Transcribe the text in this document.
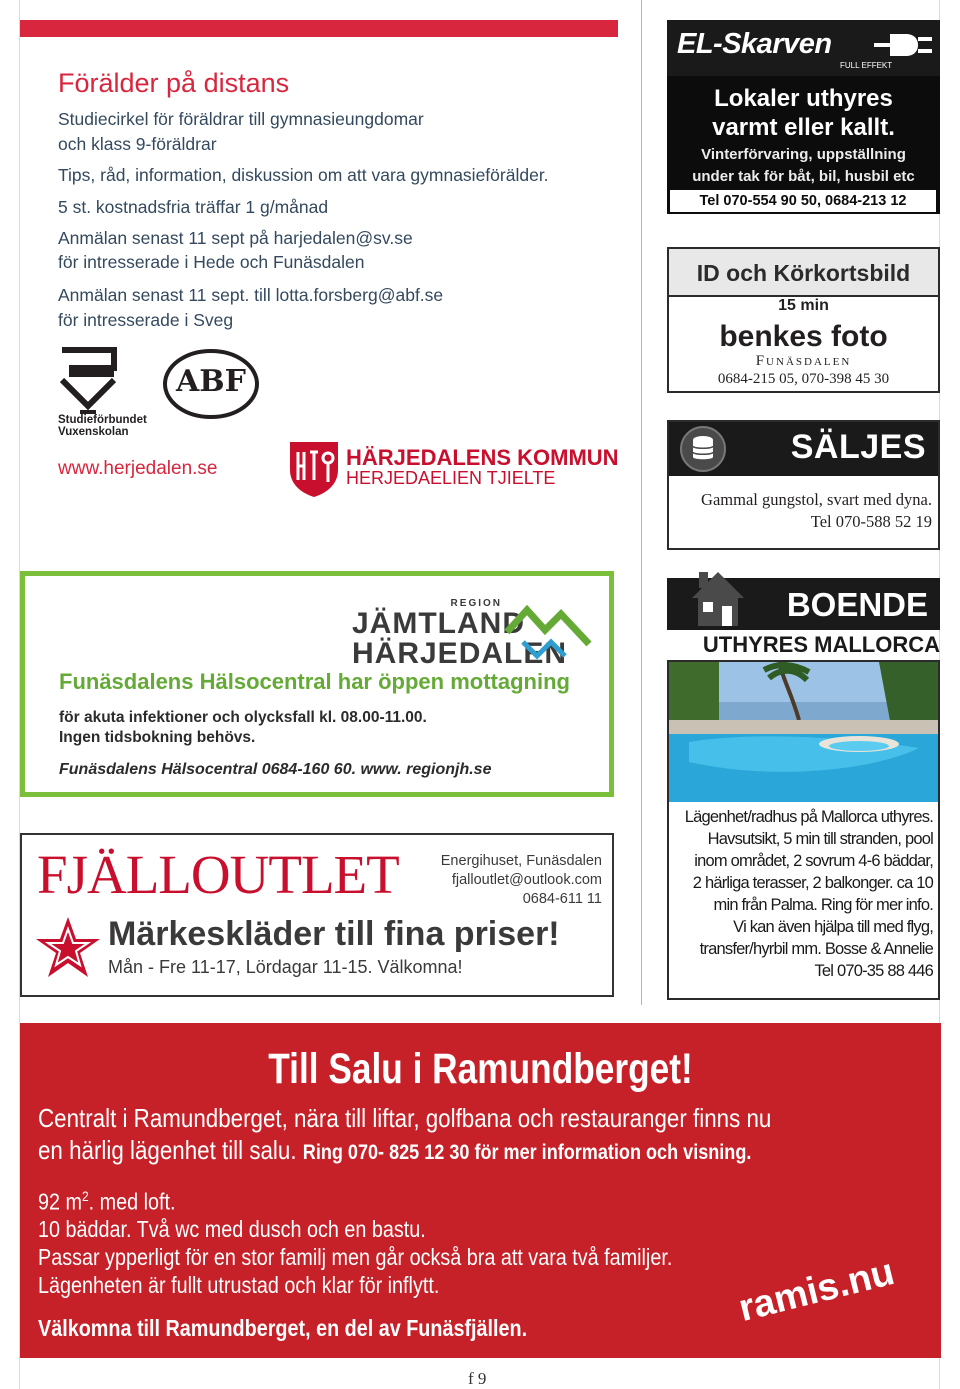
Förälder på distans
Studiecirkel för föräldrar till gymnasieungdomar
och klass 9-föräldrar
Tips, råd, information, diskussion om att vara gymnasieförälder.
5 st. kostnadsfria träffar 1 g/månad
Anmälan senast 11 sept på harjedalen@sv.se
för intresserade i Hede och Funäsdalen
Anmälan senast 11 sept. till lotta.forsberg@abf.se
för intresserade i Sveg
Studieförbundet Vuxenskolan
ABF
www.herjedalen.se	HÄRJEDALENS KOMMUN
HERJEDAELIEN TJIELTE
EL-Skarven
FULL EFFEKT
Lokaler uthyres
varmt eller kallt.
Vinterförvaring, uppställning
under tak för båt, bil, husbil etc
Tel 070-554 90 50, 0684-213 12
ID och Körkortsbild
15 min
benkes foto
Funäsdalen
0684-215 05, 070-398 45 30
SÄLJES
Gammal gungstol, svart med dyna.
Tel 070-588 52 19
REGION
JÄMTLAND
HÄRJEDALEN
Funäsdalens Hälsocentral har öppen mottagning
för akuta infektioner och olycksfall kl. 08.00-11.00.
Ingen tidsbokning behövs.
Funäsdalens Hälsocentral 0684-160 60. www. regionjh.se
BOENDE
UTHYRES MALLORCA
Lägenhet/radhus på Mallorca uthyres.
Havsutsikt, 5 min till stranden, pool
inom området, 2 sovrum 4-6 bäddar,
2 härliga terasser, 2 balkonger. ca 10
min från Palma. Ring för mer info.
Vi kan även hjälpa till med flyg,
transfer/hyrbil mm. Bosse & Annelie
Tel 070-35 88 446
FJÄLLOUTLET	Energihuset, Funäsdalen
fjalloutlet@outlook.com
0684-611 11
Märkeskläder till fina priser!
Mån - Fre 11-17, Lördagar 11-15. Välkomna!
Till Salu i Ramundberget!
Centralt i Ramundberget, nära till liftar, golfbana och restauranger finns nu
en härlig lägenhet till salu. Ring 070- 825 12 30 för mer information och visning.
92 $m^2$. med loft.
10 bäddar. Två wc med dusch och en bastu.
Passar ypperligt för en stor familj men går också bra att vara två familjer.
Lägenheten är fullt utrustad och klar för inflytt.
Välkomna till Ramundberget, en del av Funäsfjällen.	ramis.nu
f 9
